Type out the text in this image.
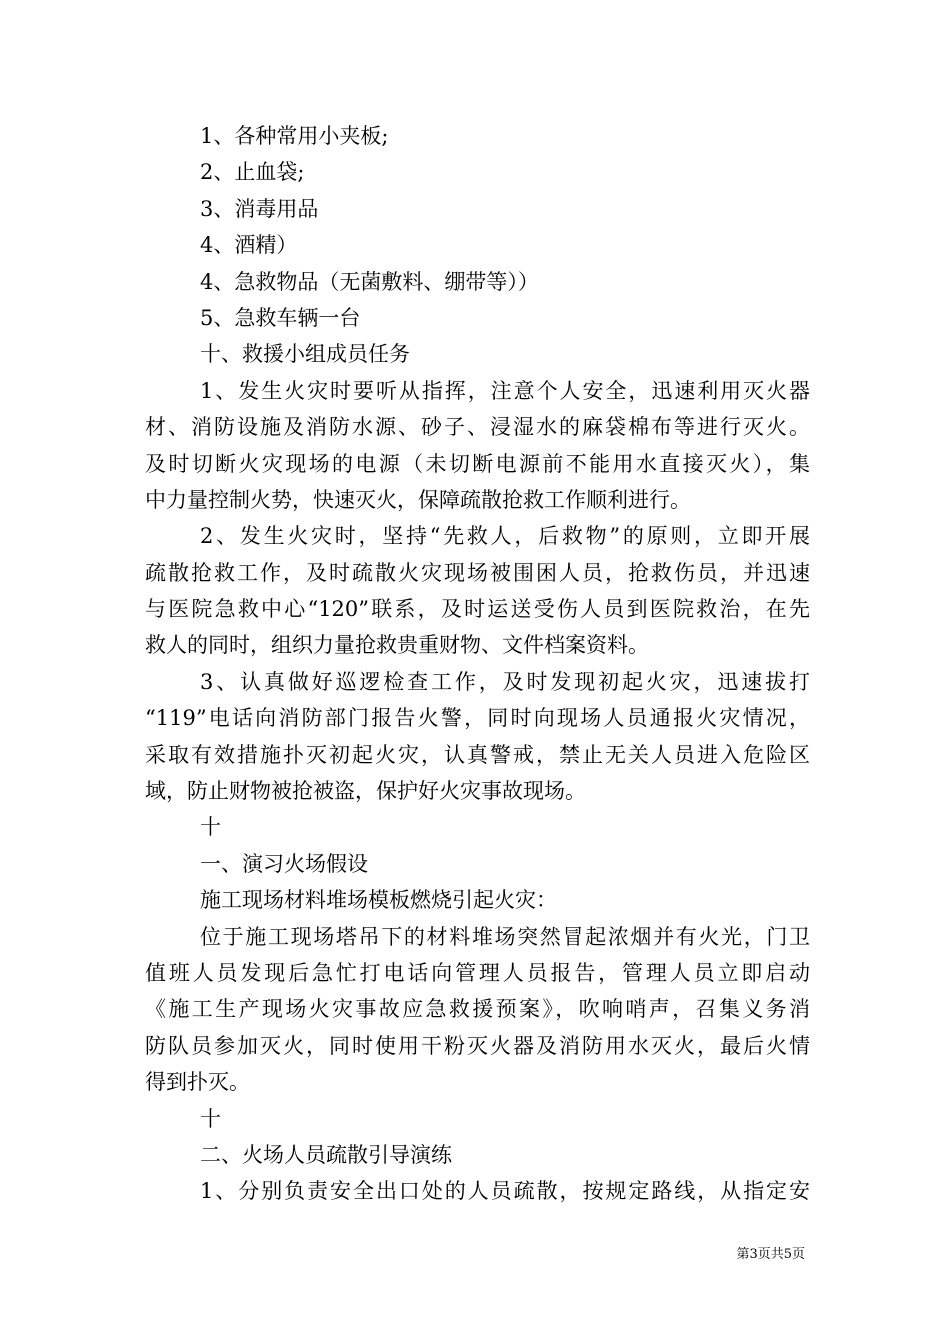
1、各种常用小夹板;
2、止血袋;
3、消毒用品
4、酒精）
4、急救物品（无菌敷料、绷带等））
5、急救车辆一台
十、救援小组成员任务
1、发生火灾时要听从指挥，注意个人安全，迅速利用灭火器
材、消防设施及消防水源、砂子、浸湿水的麻袋棉布等进行灭火。
及时切断火灾现场的电源（未切断电源前不能用水直接灭火），集
中力量控制火势，快速灭火，保障疏散抢救工作顺利进行。
2、发生火灾时，坚持“先救人，后救物”的原则，立即开展
疏散抢救工作，及时疏散火灾现场被围困人员，抢救伤员，并迅速
与医院急救中心“120”联系，及时运送受伤人员到医院救治，在先
救人的同时，组织力量抢救贵重财物、文件档案资料。
3、认真做好巡逻检查工作，及时发现初起火灾，迅速拔打
“119”电话向消防部门报告火警，同时向现场人员通报火灾情况，
采取有效措施扑灭初起火灾，认真警戒，禁止无关人员进入危险区
域，防止财物被抢被盗，保护好火灾事故现场。
十
一、演习火场假设
施工现场材料堆场模板燃烧引起火灾：
位于施工现场塔吊下的材料堆场突然冒起浓烟并有火光，门卫
值班人员发现后急忙打电话向管理人员报告，管理人员立即启动
《施工生产现场火灾事故应急救援预案》，吹响哨声，召集义务消
防队员参加灭火，同时使用干粉灭火器及消防用水灭火，最后火情
得到扑灭。
十
二、火场人员疏散引导演练
1、分别负责安全出口处的人员疏散，按规定路线，从指定安
第3页共5页
